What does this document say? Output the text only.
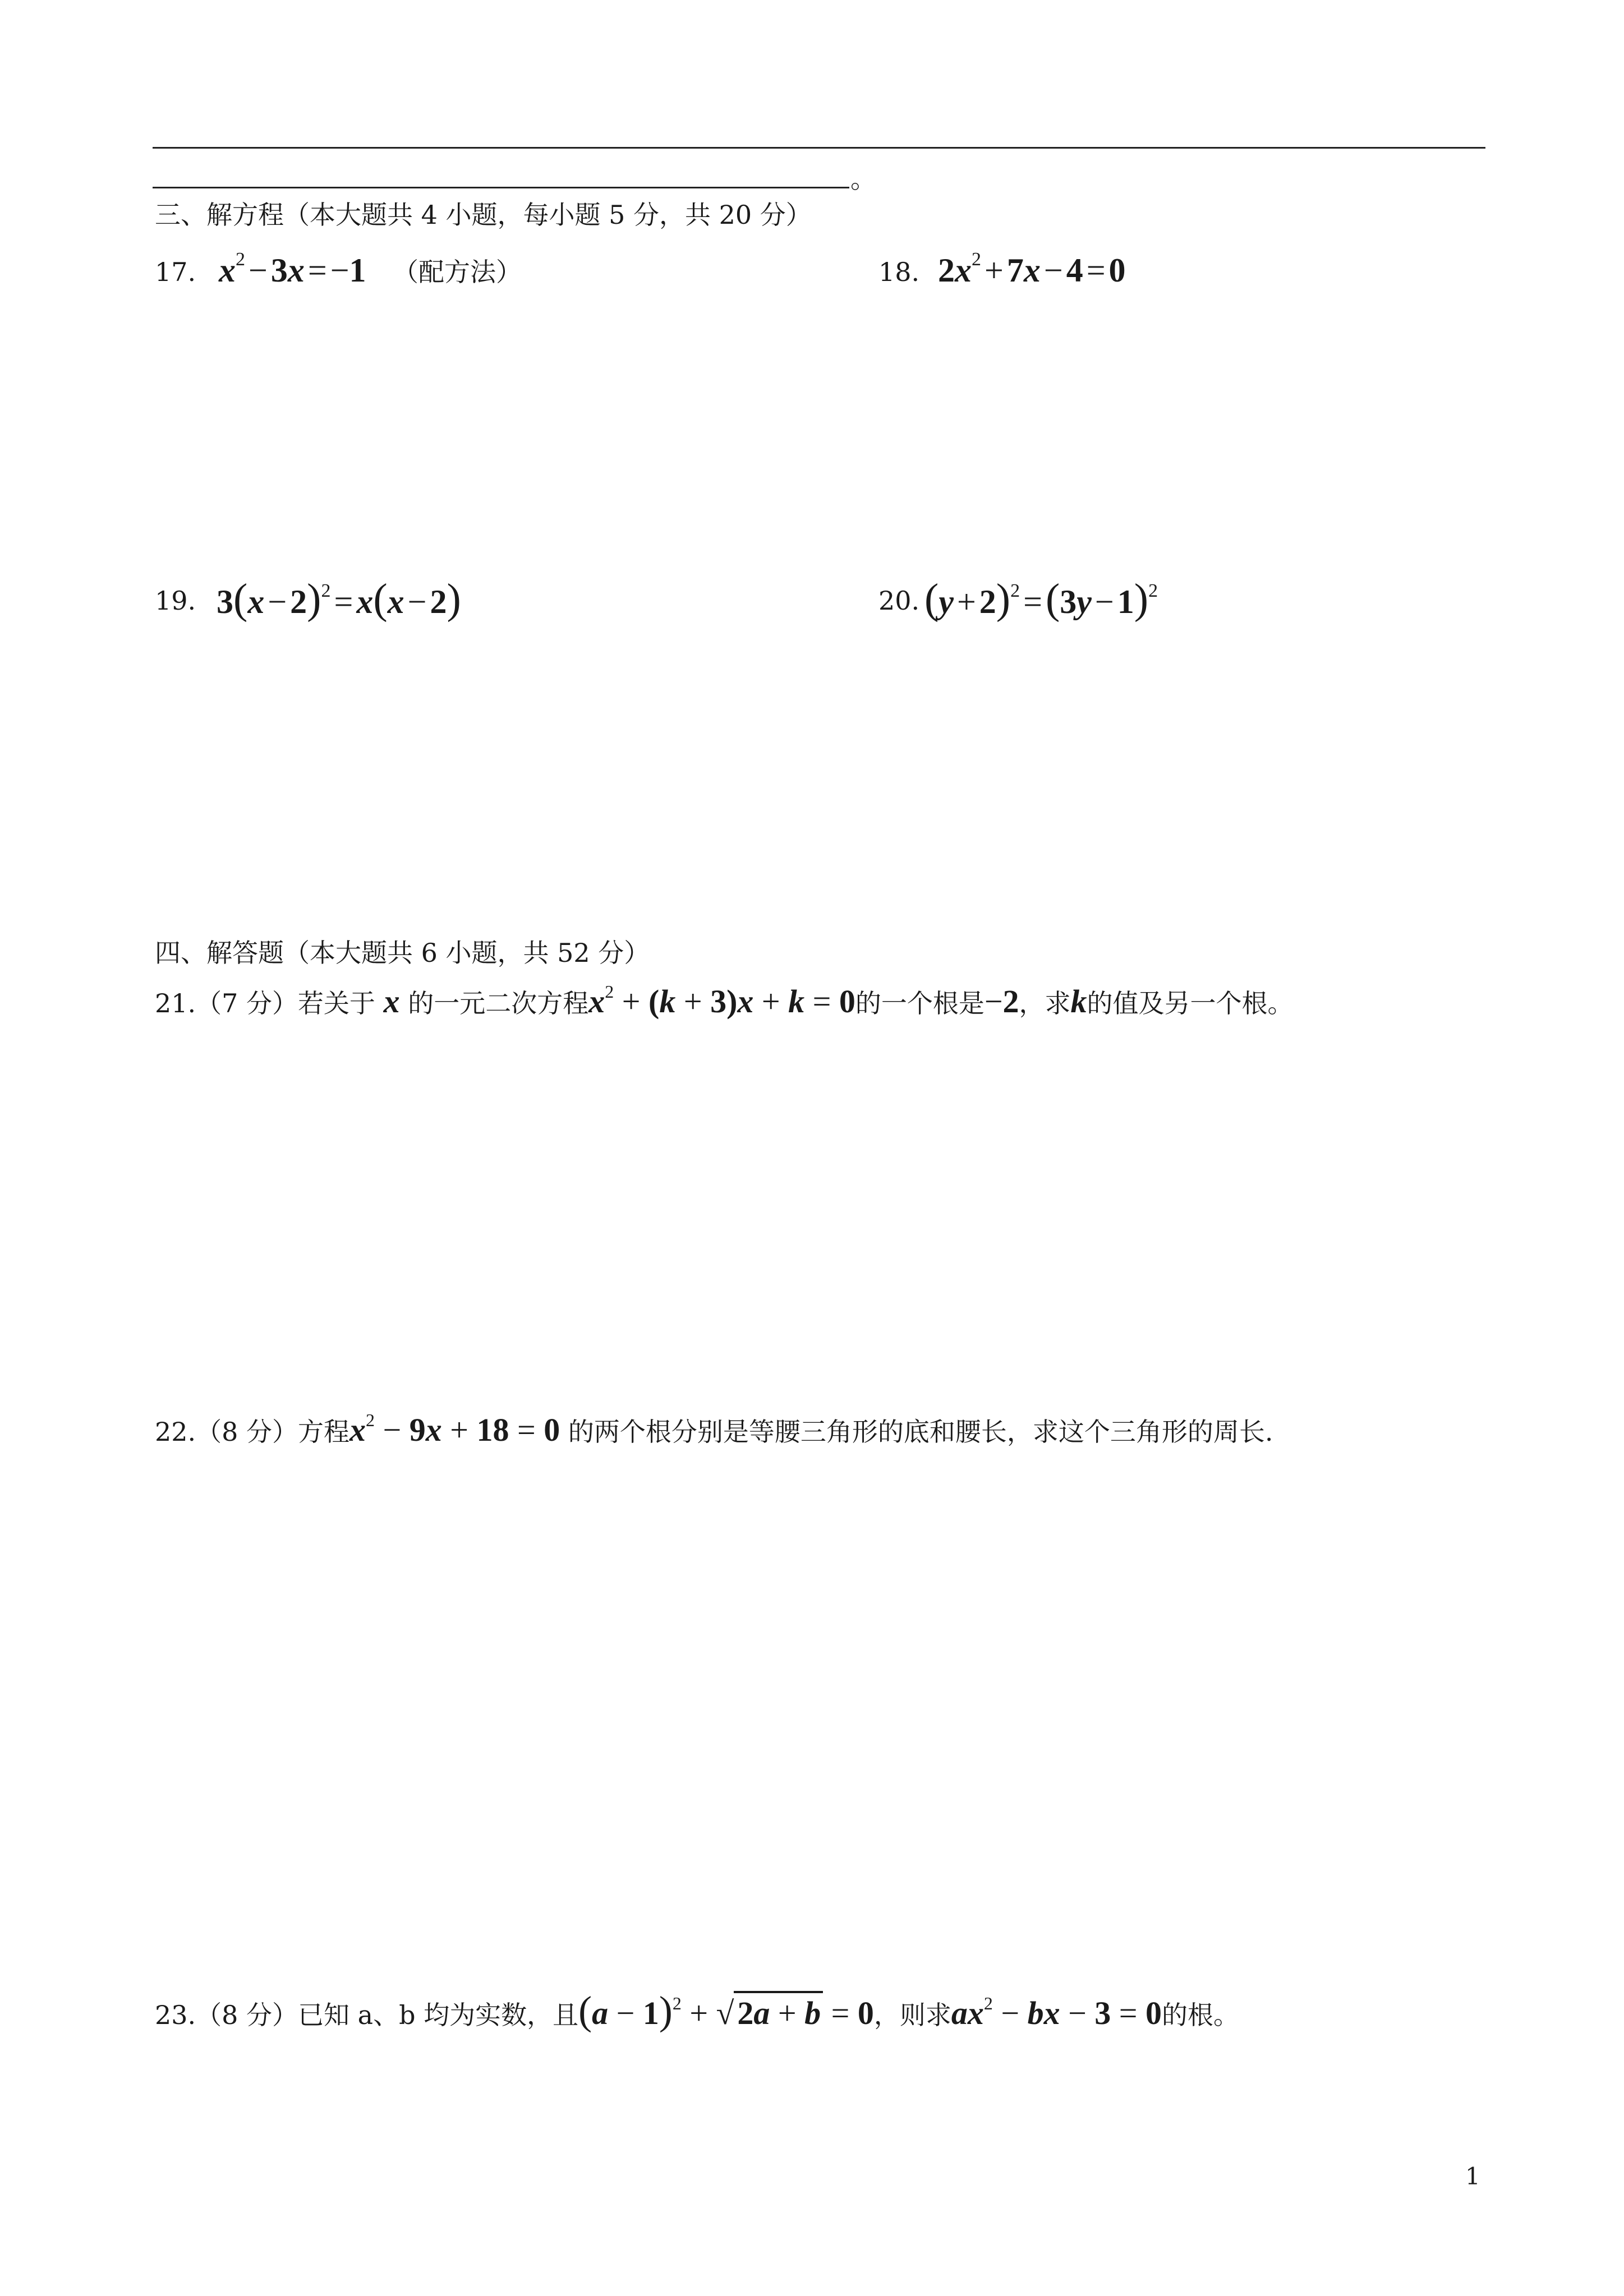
。
三、解方程（本大题共 4 小题，每小题 5 分，共 20 分）
17. $x^2 - 3x = -1$ （配方法）	18. $2x^2 + 7x - 4 = 0$
19. $3(x - 2)^2 = x(x - 2)$	20. $(y + 2)^2 =(3y - 1)^2$
四、解答题（本大题共 6 小题，共 52 分）
21.（7 分）若关于 x 的一元二次方程$x^2 + (k + 3)x + k = 0$的一个根是−2，求k的值及另一个根。
22.（8 分）方程$x^2 - 9x + 18 = 0$ 的两个根分别是等腰三角形的底和腰长，求这个三角形的周长.
23.（8 分）已知 a、b 均为实数，且$(a - 1)^2$ + √ 2a + b = 0，则求$ax^2$ − bx − 3 = 0的根。
1
